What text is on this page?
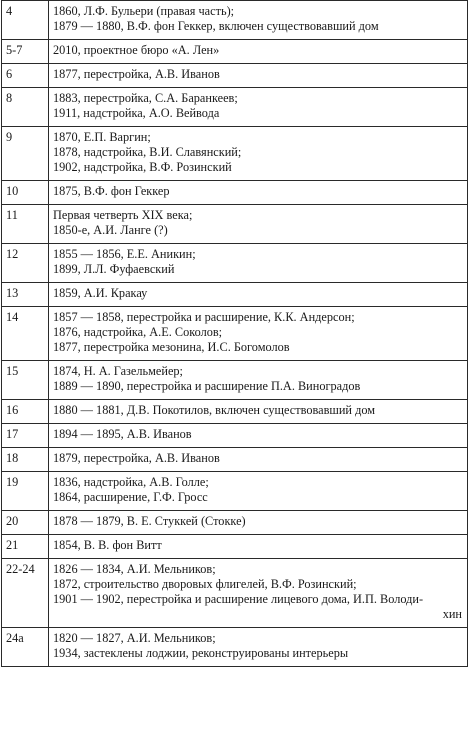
4	1860, Л.Ф. Бульери (правая часть);
1879 — 1880, В.Ф. фон Геккер, включен существовавший дом

5-7	2010, проектное бюро «А. Лен»

6	1877, перестройка, А.В. Иванов

8	1883, перестройка, С.А. Баранкеев;
1911, надстройка, А.О. Вейвода

9	1870, Е.П. Варгин;
1878, надстройка, В.И. Славянский;
1902, надстройка, В.Ф. Розинский

10	1875, В.Ф. фон Геккер

11	Первая четверть XIX века;
1850-е, А.И. Ланге (?)

12	1855 — 1856, Е.Е. Аникин;
1899, Л.Л. Фуфаевский

13	1859, А.И. Кракау

14	1857 — 1858, перестройка и расширение, К.К. Андерсон;
1876, надстройка, А.Е. Соколов;
1877, перестройка мезонина, И.С. Богомолов

15	1874, Н. А. Газельмейер;
1889 — 1890, перестройка и расширение П.А. Виноградов

16	1880 — 1881, Д.В. Покотилов, включен существовавший дом

17	1894 — 1895, А.В. Иванов

18	1879, перестройка, А.В. Иванов

19	1836, надстройка, А.В. Голле;
1864, расширение, Г.Ф. Гросс

20	1878 — 1879, В. Е. Стуккей (Стокке)

21	1854, В. В. фон Витт

22-24	1826 — 1834, А.И. Мельников;
1872, строительство дворовых флигелей, В.Ф. Розинский;
1901 — 1902, перестройка и расширение лицевого дома, И.П. Володи-
хин

24а	1820 — 1827, А.И. Мельников;
1934, застеклены лоджии, реконструированы интерьеры
